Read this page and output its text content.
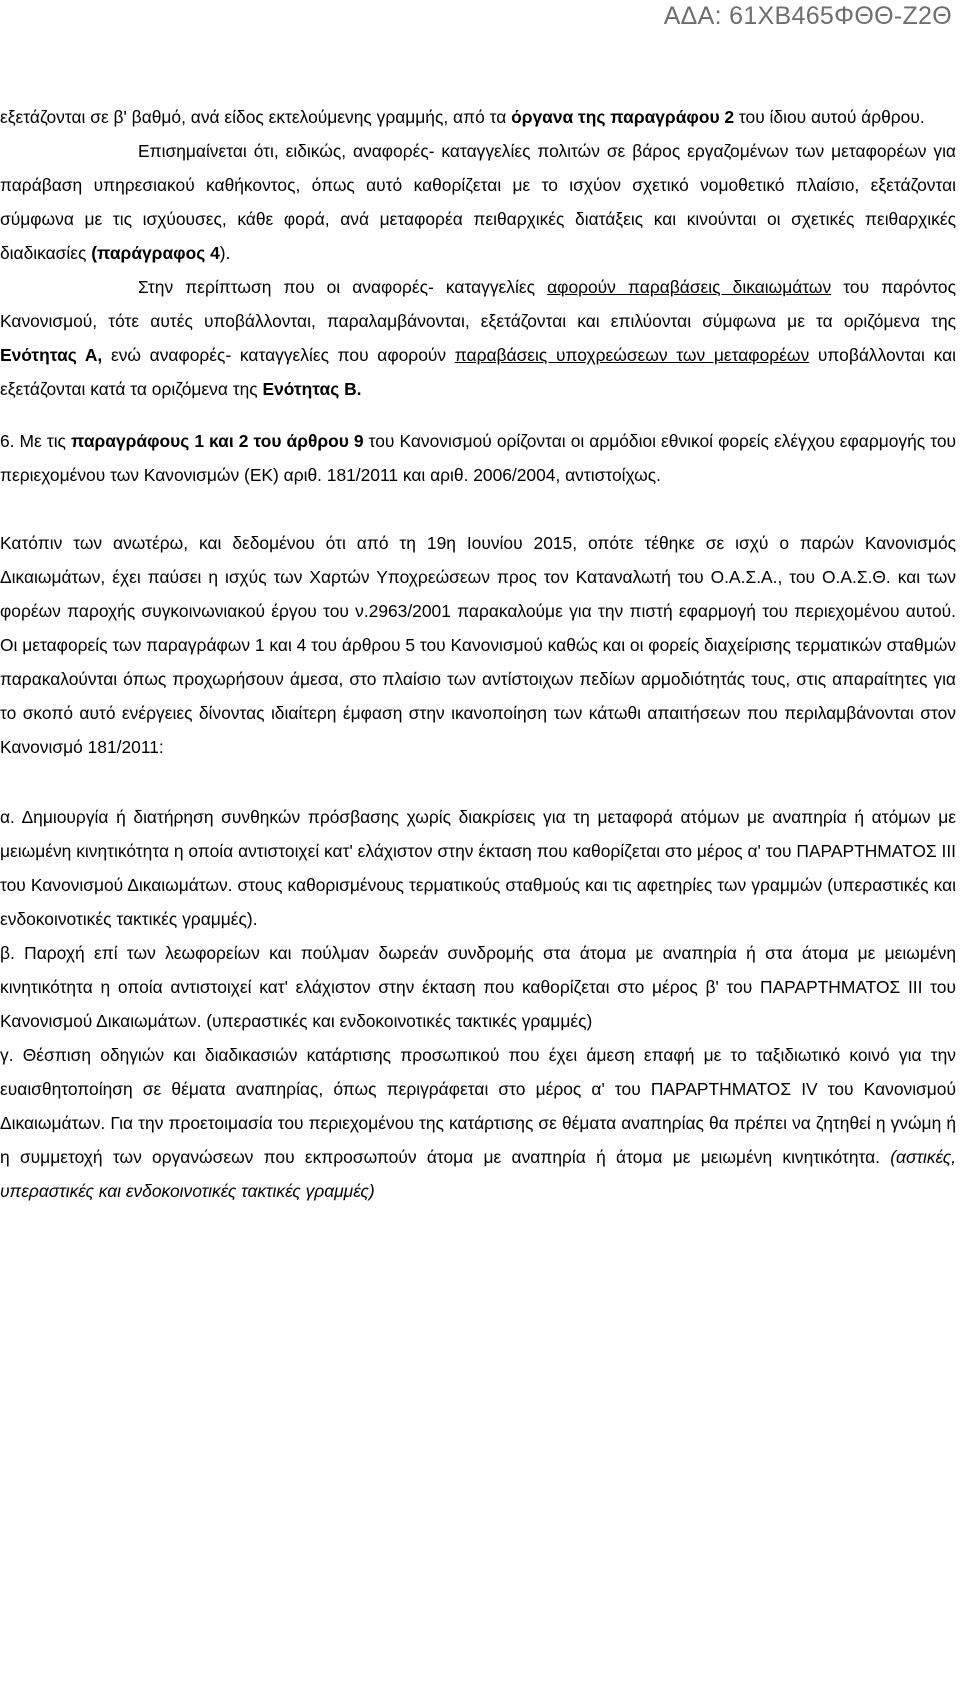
ΑΔΑ: 61ΧΒ465ΦΘΘ-Ζ2Θ

εξετάζονται σε β' βαθμό, ανά είδος εκτελούμενης γραμμής, από τα όργανα της παραγράφου 2 του ίδιου αυτού άρθρου.

Επισημαίνεται ότι, ειδικώς, αναφορές- καταγγελίες πολιτών σε βάρος εργαζομένων των μεταφορέων για παράβαση υπηρεσιακού καθήκοντος, όπως αυτό καθορίζεται με το ισχύον σχετικό νομοθετικό πλαίσιο, εξετάζονται σύμφωνα με τις ισχύουσες, κάθε φορά, ανά μεταφορέα πειθαρχικές διατάξεις και κινούνται οι σχετικές πειθαρχικές διαδικασίες (παράγραφος 4).

Στην περίπτωση που οι αναφορές- καταγγελίες αφορούν παραβάσεις δικαιωμάτων του παρόντος Κανονισμού, τότε αυτές υποβάλλονται, παραλαμβάνονται, εξετάζονται και επιλύονται σύμφωνα με τα οριζόμενα της Ενότητας Α, ενώ αναφορές- καταγγελίες που αφορούν παραβάσεις υποχρεώσεων των μεταφορέων υποβάλλονται και εξετάζονται κατά τα οριζόμενα της Ενότητας Β.

6. Με τις παραγράφους 1 και 2 του άρθρου 9 του Κανονισμού ορίζονται οι αρμόδιοι εθνικοί φορείς ελέγχου εφαρμογής του περιεχομένου των Κανονισμών (ΕΚ) αριθ. 181/2011 και αριθ. 2006/2004, αντιστοίχως.

Κατόπιν των ανωτέρω, και δεδομένου ότι από τη 19η Ιουνίου 2015, οπότε τέθηκε σε ισχύ ο παρών Κανονισμός Δικαιωμάτων, έχει παύσει η ισχύς των Χαρτών Υποχρεώσεων προς τον Καταναλωτή του Ο.Α.Σ.Α., του Ο.Α.Σ.Θ. και των φορέων παροχής συγκοινωνιακού έργου του ν.2963/2001 παρακαλούμε για την πιστή εφαρμογή του περιεχομένου αυτού. Οι μεταφορείς των παραγράφων 1 και 4 του άρθρου 5 του Κανονισμού καθώς και οι φορείς διαχείρισης τερματικών σταθμών παρακαλούνται όπως προχωρήσουν άμεσα, στο πλαίσιο των αντίστοιχων πεδίων αρμοδιότητάς τους, στις απαραίτητες για το σκοπό αυτό ενέργειες δίνοντας ιδιαίτερη έμφαση στην ικανοποίηση των κάτωθι απαιτήσεων που περιλαμβάνονται στον Κανονισμό 181/2011:

α. Δημιουργία ή διατήρηση συνθηκών πρόσβασης χωρίς διακρίσεις για τη μεταφορά ατόμων με αναπηρία ή ατόμων με μειωμένη κινητικότητα η οποία αντιστοιχεί κατ' ελάχιστον στην έκταση που καθορίζεται στο μέρος α' του ΠΑΡΑΡΤΗΜΑΤΟΣ ΙΙΙ του Κανονισμού Δικαιωμάτων. στους καθορισμένους τερματικούς σταθμούς και τις αφετηρίες των γραμμών (υπεραστικές και ενδοκοινοτικές τακτικές γραμμές).

β. Παροχή επί των λεωφορείων και πούλμαν δωρεάν συνδρομής στα άτομα με αναπηρία ή στα άτομα με μειωμένη κινητικότητα η οποία αντιστοιχεί κατ' ελάχιστον στην έκταση που καθορίζεται στο μέρος β' του ΠΑΡΑΡΤΗΜΑΤΟΣ ΙΙΙ του Κανονισμού Δικαιωμάτων. (υπεραστικές και ενδοκοινοτικές τακτικές γραμμές)

γ. Θέσπιση οδηγιών και διαδικασιών κατάρτισης προσωπικού που έχει άμεση επαφή με το ταξιδιωτικό κοινό για την ευαισθητοποίηση σε θέματα αναπηρίας, όπως περιγράφεται στο μέρος α' του ΠΑΡΑΡΤΗΜΑΤΟΣ IV του Κανονισμού Δικαιωμάτων. Για την προετοιμασία του περιεχομένου της κατάρτισης σε θέματα αναπηρίας θα πρέπει να ζητηθεί η γνώμη ή η συμμετοχή των οργανώσεων που εκπροσωπούν άτομα με αναπηρία ή άτομα με μειωμένη κινητικότητα. (αστικές, υπεραστικές και ενδοκοινοτικές τακτικές γραμμές)
